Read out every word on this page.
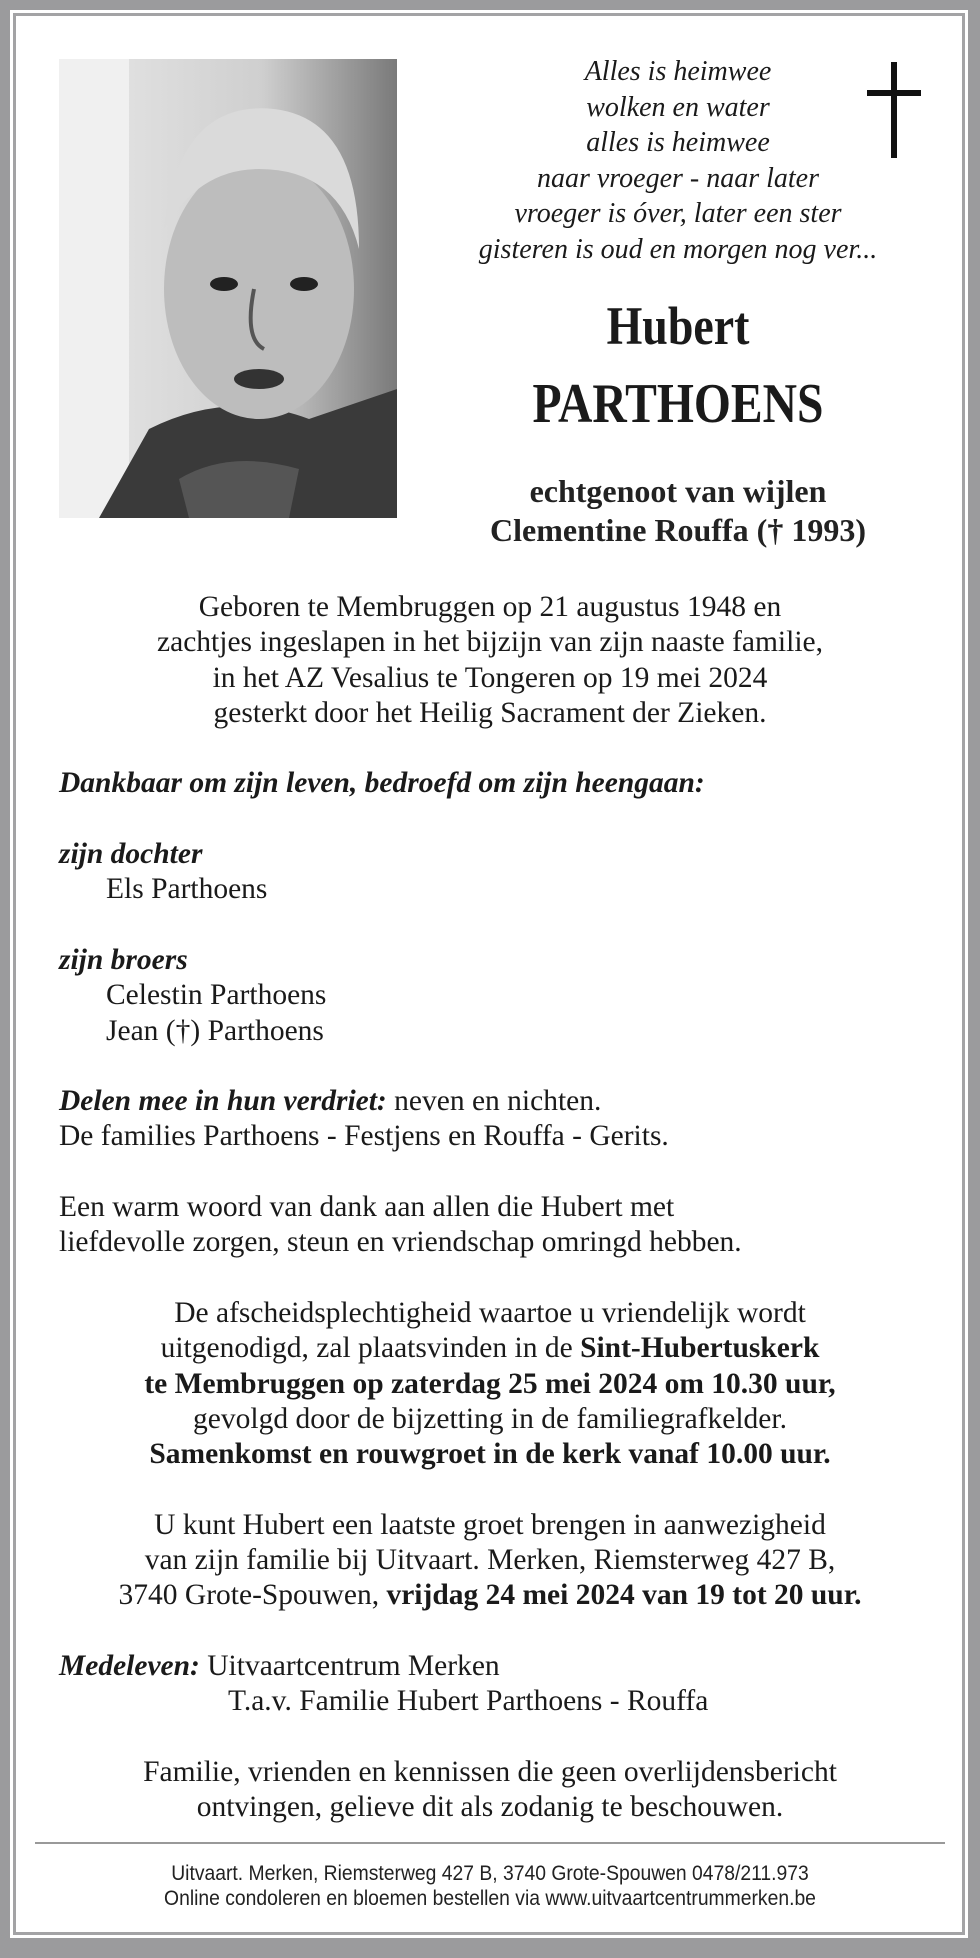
Alles is heimwee
wolken en water
alles is heimwee
naar vroeger - naar later
vroeger is óver, later een ster
gisteren is oud en morgen nog ver...
Hubert
PARTHOENS
echtgenoot van wijlen
Clementine Rouffa († 1993)
Geboren te Membruggen op 21 augustus 1948 en
zachtjes ingeslapen in het bijzijn van zijn naaste familie,
in het AZ Vesalius te Tongeren op 19 mei 2024
gesterkt door het Heilig Sacrament der Zieken.
Dankbaar om zijn leven, bedroefd om zijn heengaan:
zijn dochter
Els Parthoens
zijn broers
Celestin Parthoens
Jean (†) Parthoens
Delen mee in hun verdriet: neven en nichten.
De families Parthoens - Festjens en Rouffa - Gerits.
Een warm woord van dank aan allen die Hubert met
liefdevolle zorgen, steun en vriendschap omringd hebben.
De afscheidsplechtigheid waartoe u vriendelijk wordt
uitgenodigd, zal plaatsvinden in de Sint-Hubertuskerk
te Membruggen op zaterdag 25 mei 2024 om 10.30 uur,
gevolgd door de bijzetting in de familiegrafkelder.
Samenkomst en rouwgroet in de kerk vanaf 10.00 uur.
U kunt Hubert een laatste groet brengen in aanwezigheid
van zijn familie bij Uitvaart. Merken, Riemsterweg 427 B,
3740 Grote-Spouwen, vrijdag 24 mei 2024 van 19 tot 20 uur.
Medeleven: Uitvaartcentrum Merken
T.a.v. Familie Hubert Parthoens - Rouffa
Familie, vrienden en kennissen die geen overlijdensbericht
ontvingen, gelieve dit als zodanig te beschouwen.
Uitvaart. Merken, Riemsterweg 427 B, 3740 Grote-Spouwen 0478/211.973
Online condoleren en bloemen bestellen via www.uitvaartcentrummerken.be
